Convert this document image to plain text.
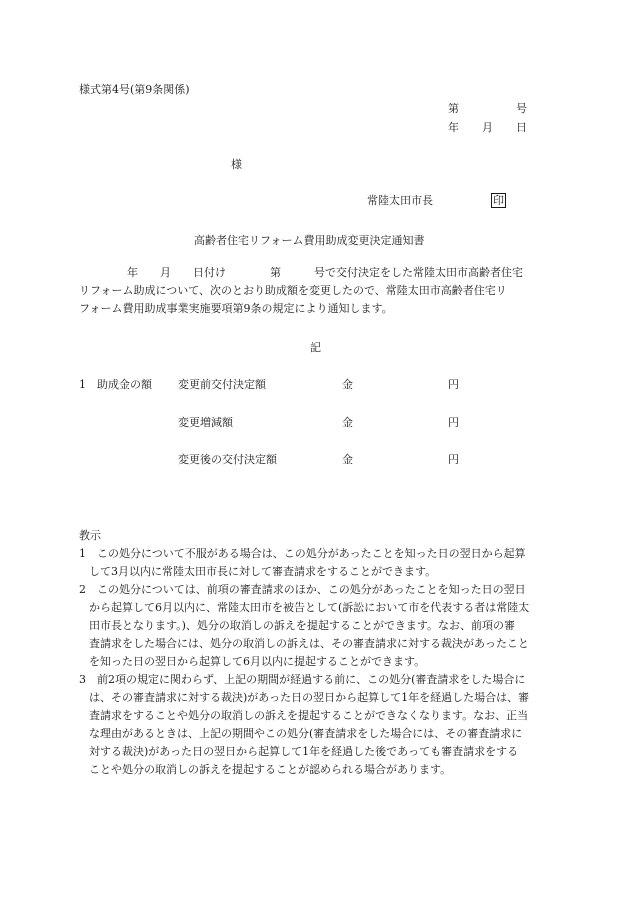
様式第4号(第9条関係)
第	号
年 月 日
様
常陸太田市長	印
高齢者住宅リフォーム費用助成変更決定通知書
年　　月　　日付け　　　　第　　　号で交付決定をした常陸太田市高齢者住宅
リフォーム助成について、次のとおり助成額を変更したので、常陸太田市高齢者住宅リ
フォーム費用助成事業実施要項第9条の規定により通知します。
記
1 助成金の額 変更前交付決定額	金	円
変更増減額	金	円
変更後の交付決定額	金	円
教示
1 この処分について不服がある場合は、この処分があったことを知った日の翌日から起算
して3月以内に常陸太田市長に対して審査請求をすることができます。
2 この処分については、前項の審査請求のほか、この処分があったことを知った日の翌日
から起算して6月以内に、常陸太田市を被告として(訴訟において市を代表する者は常陸太
田市長となります。)、処分の取消しの訴えを提起することができます。なお、前項の審
査請求をした場合には、処分の取消しの訴えは、その審査請求に対する裁決があったこと
を知った日の翌日から起算して6月以内に提起することができます。
3 前2項の規定に関わらず、上記の期間が経過する前に、この処分(審査請求をした場合に
は、その審査請求に対する裁決)があった日の翌日から起算して1年を経過した場合は、審
査請求をすることや処分の取消しの訴えを提起することができなくなります。なお、正当
な理由があるときは、上記の期間やこの処分(審査請求をした場合には、その審査請求に
対する裁決)があった日の翌日から起算して1年を経過した後であっても審査請求をする
ことや処分の取消しの訴えを提起することが認められる場合があります。
